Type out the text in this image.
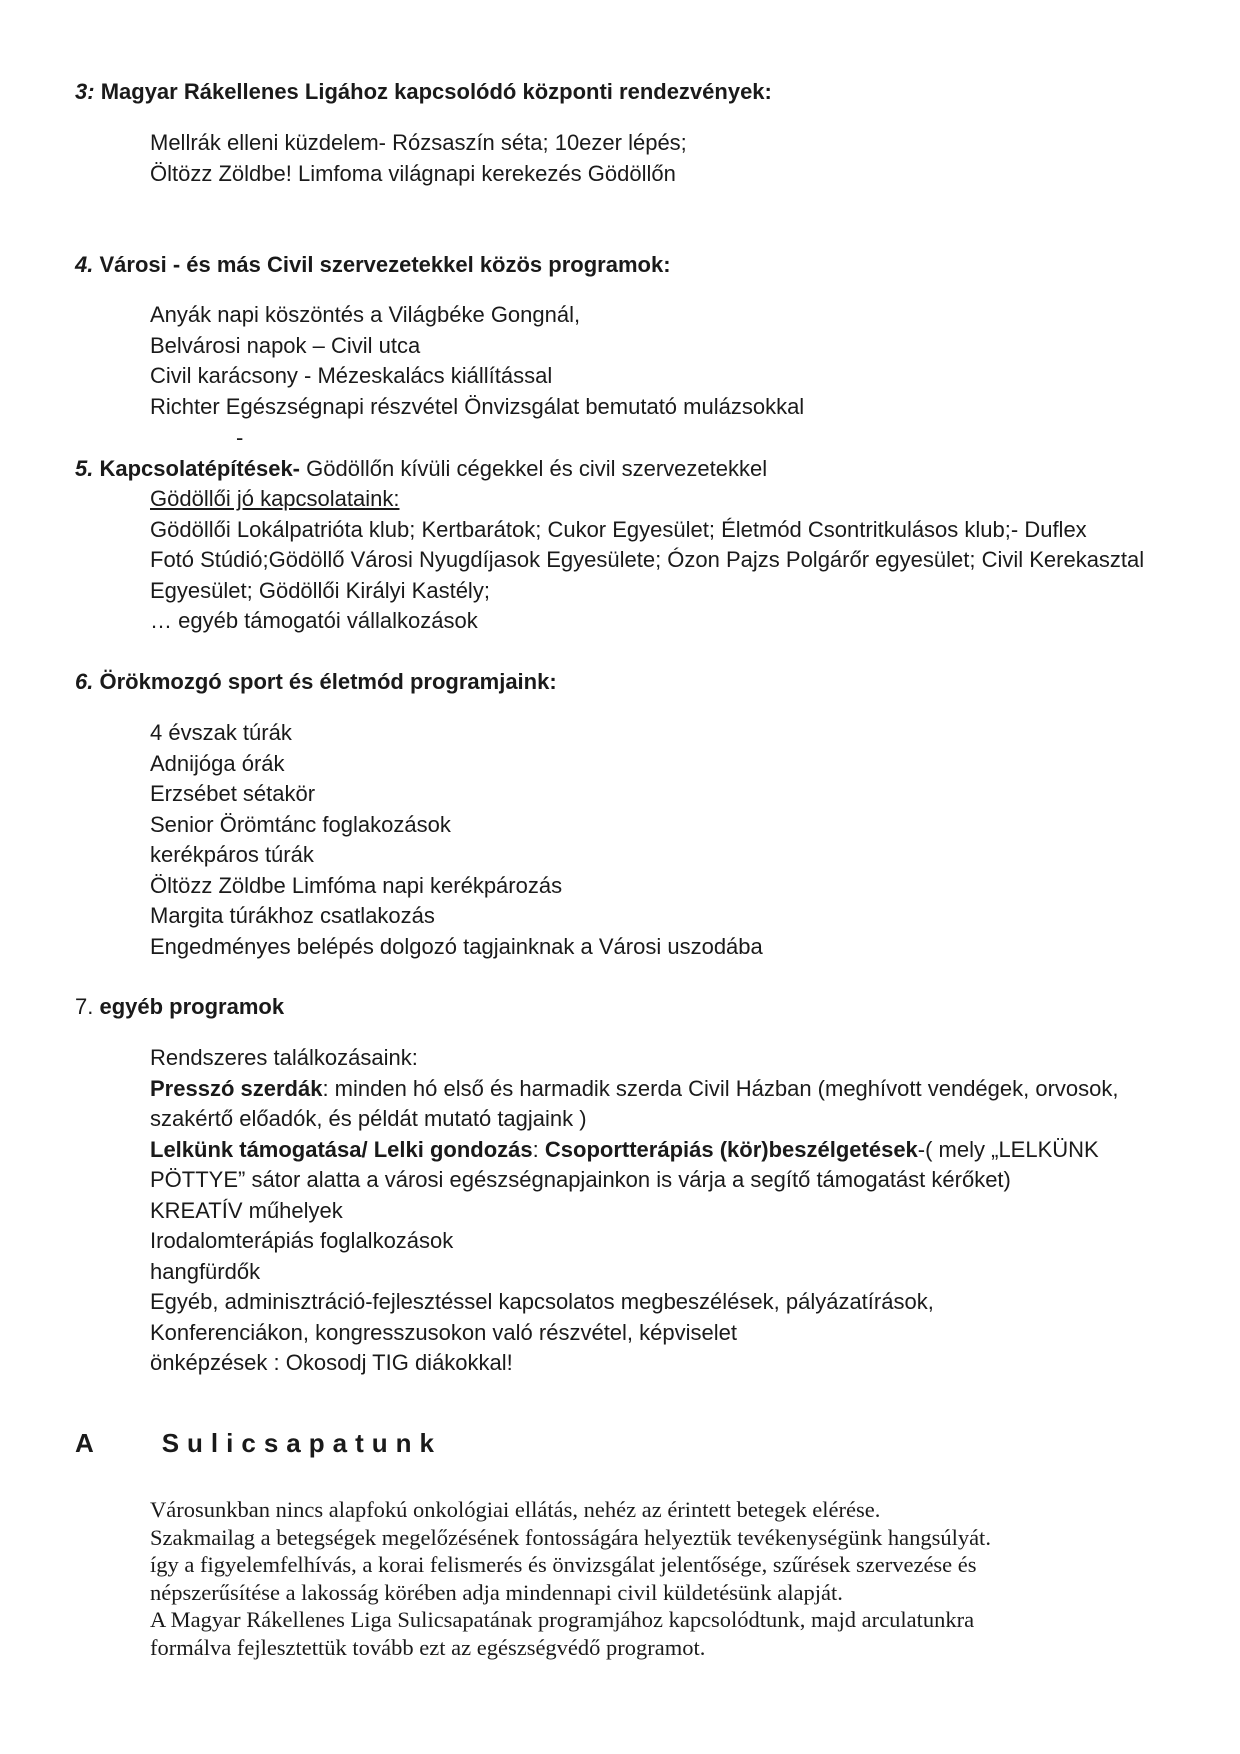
3: Magyar Rákellenes Ligához kapcsolódó központi rendezvények:
Mellrák elleni küzdelem- Rózsaszín séta; 10ezer lépés;
Öltözz Zöldbe! Limfoma világnapi kerekezés Gödöllőn
4. Városi - és más Civil szervezetekkel közös programok:
Anyák napi köszöntés a Világbéke Gongnál,
Belvárosi napok – Civil utca
Civil karácsony - Mézeskalács kiállítással
Richter Egészségnapi részvétel Önvizsgálat bemutató mulázsokkal
-
5. Kapcsolatépítések- Gödöllőn kívüli cégekkel és civil szervezetekkel
Gödöllői jó kapcsolataink:
Gödöllői Lokálpatrióta klub; Kertbarátok; Cukor Egyesület; Életmód Csontritkulásos klub;- Duflex
Fotó Stúdió;Gödöllő Városi Nyugdíjasok Egyesülete; Ózon Pajzs Polgárőr egyesület; Civil Kerekasztal
Egyesület; Gödöllői Királyi Kastély;
… egyéb támogatói vállalkozások
6. Örökmozgó sport és életmód programjaink:
4 évszak túrák
Adnijóga órák
Erzsébet sétakör
Senior Örömtánc foglakozások
kerékpáros túrák
Öltözz Zöldbe Limfóma napi kerékpározás
Margita túrákhoz csatlakozás
Engedményes belépés dolgozó tagjainknak a Városi uszodába
7. egyéb programok
Rendszeres találkozásaink:
Presszó szerdák: minden hó első és harmadik szerda Civil Házban (meghívott vendégek, orvosok,
szakértő előadók, és példát mutató tagjaink )
Lelkünk támogatása/ Lelki gondozás: Csoportterápiás (kör)beszélgetések-( mely „LELKÜNK
PÖTTYE” sátor alatta a városi egészségnapjainkon is várja a segítő támogatást kérőket)
KREATÍV műhelyek
Irodalomterápiás foglalkozások
hangfürdők
Egyéb, adminisztráció-fejlesztéssel kapcsolatos megbeszélések, pályázatírások,
Konferenciákon, kongresszusokon való részvétel, képviselet
önképzések : Okosodj TIG diákokkal!
A    Sulicsapatunk
Városunkban nincs alapfokú onkológiai ellátás, nehéz az érintett betegek elérése.
Szakmailag a betegségek megelőzésének fontosságára helyeztük tevékenységünk hangsúlyát.
így a figyelemfelhívás, a korai felismerés és önvizsgálat jelentősége, szűrések szervezése és
népszerűsítése a lakosság körében adja mindennapi civil küldetésünk alapját.
A Magyar Rákellenes Liga Sulicsapatának programjához kapcsolódtunk, majd arculatunkra
formálva fejlesztettük tovább ezt az egészségvédő programot.
